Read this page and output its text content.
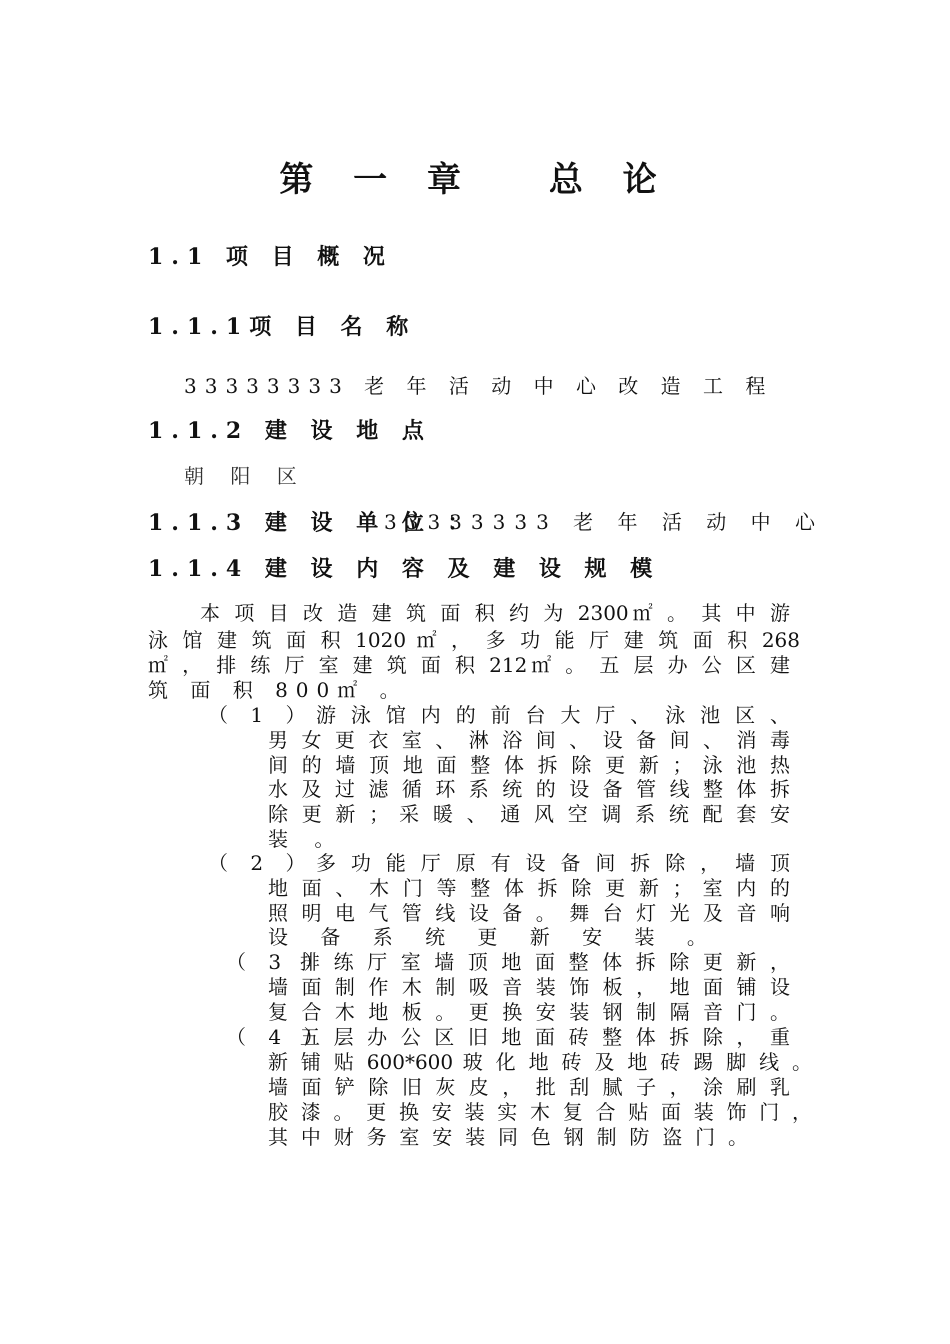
第 一 章　 总 论
1.1 项 目 概 况
1.1.1项 目 名 称
33333333 老 年 活 动 中 心 改 造 工 程
1.1.2 建 设 地 点
朝 阳 区
1.1.3 建 设 单 位 ：
33333333 老 年 活 动 中 心
1.1.4 建 设 内 容 及 建 设 规 模
本 项 目 改 造 建 筑 面 积 约 为 2300㎡ 。 其 中 游
泳 馆 建 筑 面 积 1020 ㎡ ， 多 功 能 厅 建 筑 面 积 268
㎡ ， 排 练 厅 室 建 筑 面 积 212㎡ 。 五 层 办 公 区 建
筑 面 积 800㎡ 。
（ 1 ） 游 泳 馆 内 的 前 台 大 厅 、 泳 池 区 、
男 女 更 衣 室 、 淋 浴 间 、 设 备 间 、 消 毒
间 的 墙 顶 地 面 整 体 拆 除 更 新 ； 泳 池 热
水 及 过 滤 循 环 系 统 的 设 备 管 线 整 体 拆
除 更 新 ； 采 暖 、 通 风 空 调 系 统 配 套 安
装 。
（ 2 ） 多 功 能 厅 原 有 设 备 间 拆 除 ， 墙 顶
地 面 、 木 门 等 整 体 拆 除 更 新 ； 室 内 的
照 明 电 气 管 线 设 备 。 舞 台 灯 光 及 音 响
设 备 系 统 更 新 安 装 。
（ 3 ）
排 练 厅 室 墙 顶 地 面 整 体 拆 除 更 新 ，
墙 面 制 作 木 制 吸 音 装 饰 板 ， 地 面 铺 设
复 合 木 地 板 。 更 换 安 装 钢 制 隔 音 门 。
（ 4 ）
五 层 办 公 区 旧 地 面 砖 整 体 拆 除 ， 重
新 铺 贴 600*600 玻 化 地 砖 及 地 砖 踢 脚 线 。
墙 面 铲 除 旧 灰 皮 ， 批 刮 腻 子 ， 涂 刷 乳
胶 漆 。 更 换 安 装 实 木 复 合 贴 面 装 饰 门 ，
其 中 财 务 室 安 装 同 色 钢 制 防 盗 门 。
